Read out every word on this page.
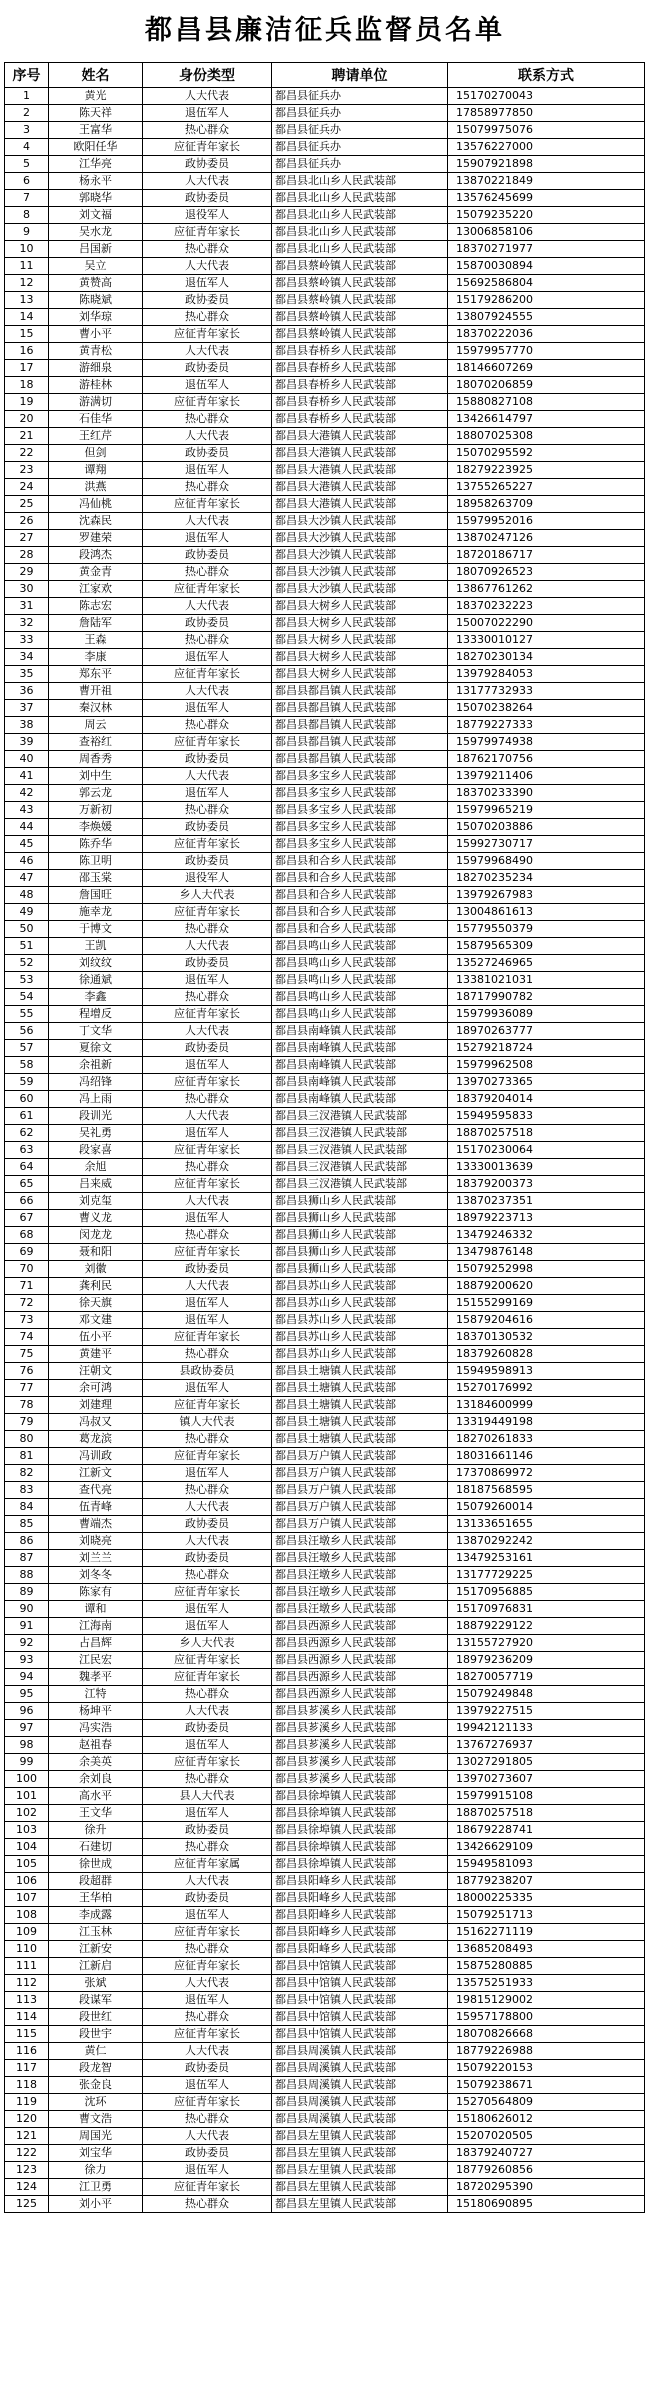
都昌县廉洁征兵监督员名单
序号	姓名	身份类型	聘请单位	联系方式
1	黄光	人大代表	都昌县征兵办	15170270043
2	陈天祥	退伍军人	都昌县征兵办	17858977850
3	王富华	热心群众	都昌县征兵办	15079975076
4	欧阳任华	应征青年家长	都昌县征兵办	13576227000
5	江华亮	政协委员	都昌县征兵办	15907921898
6	杨永平	人大代表	都昌县北山乡人民武装部	13870221849
7	郭晓华	政协委员	都昌县北山乡人民武装部	13576245699
8	刘文福	退役军人	都昌县北山乡人民武装部	15079235220
9	吴水龙	应征青年家长	都昌县北山乡人民武装部	13006858106
10	吕国新	热心群众	都昌县北山乡人民武装部	18370271977
11	吴立	人大代表	都昌县蔡岭镇人民武装部	15870030894
12	黄赞高	退伍军人	都昌县蔡岭镇人民武装部	15692586804
13	陈晓斌	政协委员	都昌县蔡岭镇人民武装部	15179286200
14	刘华琼	热心群众	都昌县蔡岭镇人民武装部	13807924555
15	曹小平	应征青年家长	都昌县蔡岭镇人民武装部	18370222036
16	黄青松	人大代表	都昌县春桥乡人民武装部	15979957770
17	游细泉	政协委员	都昌县春桥乡人民武装部	18146607269
18	游桂林	退伍军人	都昌县春桥乡人民武装部	18070206859
19	游满切	应征青年家长	都昌县春桥乡人民武装部	15880827108
20	石佳华	热心群众	都昌县春桥乡人民武装部	13426614797
21	王红芹	人大代表	都昌县大港镇人民武装部	18807025308
22	但剑	政协委员	都昌县大港镇人民武装部	15070295592
23	谭翔	退伍军人	都昌县大港镇人民武装部	18279223925
24	洪燕	热心群众	都昌县大港镇人民武装部	13755265227
25	冯仙桃	应征青年家长	都昌县大港镇人民武装部	18958263709
26	沈森民	人大代表	都昌县大沙镇人民武装部	15979952016
27	罗建荣	退伍军人	都昌县大沙镇人民武装部	13870247126
28	段鸿杰	政协委员	都昌县大沙镇人民武装部	18720186717
29	黄金青	热心群众	都昌县大沙镇人民武装部	18070926523
30	江家欢	应征青年家长	都昌县大沙镇人民武装部	13867761262
31	陈志宏	人大代表	都昌县大树乡人民武装部	18370232223
32	詹陆军	政协委员	都昌县大树乡人民武装部	15007022290
33	王森	热心群众	都昌县大树乡人民武装部	13330010127
34	李康	退伍军人	都昌县大树乡人民武装部	18270230134
35	郑东平	应征青年家长	都昌县大树乡人民武装部	13979284053
36	曹开祖	人大代表	都昌县都昌镇人民武装部	13177732933
37	秦汉林	退伍军人	都昌县都昌镇人民武装部	15070238264
38	周云	热心群众	都昌县都昌镇人民武装部	18779227333
39	查裕红	应征青年家长	都昌县都昌镇人民武装部	15979974938
40	周香秀	政协委员	都昌县都昌镇人民武装部	18762170756
41	刘中生	人大代表	都昌县多宝乡人民武装部	13979211406
42	郭云龙	退伍军人	都昌县多宝乡人民武装部	18370233390
43	万新初	热心群众	都昌县多宝乡人民武装部	15979965219
44	李焕媛	政协委员	都昌县多宝乡人民武装部	15070203886
45	陈乔华	应征青年家长	都昌县多宝乡人民武装部	15992730717
46	陈卫明	政协委员	都昌县和合乡人民武装部	15979968490
47	邵玉棠	退役军人	都昌县和合乡人民武装部	18270235234
48	詹国旺	乡人大代表	都昌县和合乡人民武装部	13979267983
49	施幸龙	应征青年家长	都昌县和合乡人民武装部	13004861613
50	于博文	热心群众	都昌县和合乡人民武装部	15779550379
51	王凯	人大代表	都昌县鸣山乡人民武装部	15879565309
52	刘纹纹	政协委员	都昌县鸣山乡人民武装部	13527246965
53	徐通斌	退伍军人	都昌县鸣山乡人民武装部	13381021031
54	李鑫	热心群众	都昌县鸣山乡人民武装部	18717990782
55	程增反	应征青年家长	都昌县鸣山乡人民武装部	15979936089
56	丁文华	人大代表	都昌县南峰镇人民武装部	18970263777
57	夏徐文	政协委员	都昌县南峰镇人民武装部	15279218724
58	余祖新	退伍军人	都昌县南峰镇人民武装部	15979962508
59	冯绍锋	应征青年家长	都昌县南峰镇人民武装部	13970273365
60	冯上雨	热心群众	都昌县南峰镇人民武装部	18379204014
61	段训光	人大代表	都昌县三汊港镇人民武装部	15949595833
62	吴礼勇	退伍军人	都昌县三汊港镇人民武装部	18870257518
63	段家喜	应征青年家长	都昌县三汊港镇人民武装部	15170230064
64	余旭	热心群众	都昌县三汊港镇人民武装部	13330013639
65	吕来威	应征青年家长	都昌县三汊港镇人民武装部	18379200373
66	刘克玺	人大代表	都昌县狮山乡人民武装部	13870237351
67	曹义龙	退伍军人	都昌县狮山乡人民武装部	18979223713
68	闵龙龙	热心群众	都昌县狮山乡人民武装部	13479246332
69	聂和阳	应征青年家长	都昌县狮山乡人民武装部	13479876148
70	刘徽	政协委员	都昌县狮山乡人民武装部	15079252998
71	龚利民	人大代表	都昌县苏山乡人民武装部	18879200620
72	徐天旗	退伍军人	都昌县苏山乡人民武装部	15155299169
73	邓文建	退伍军人	都昌县苏山乡人民武装部	15879204616
74	伍小平	应征青年家长	都昌县苏山乡人民武装部	18370130532
75	黄建平	热心群众	都昌县苏山乡人民武装部	18379260828
76	汪朝文	县政协委员	都昌县土塘镇人民武装部	15949598913
77	余可鸿	退伍军人	都昌县土塘镇人民武装部	15270176992
78	刘建理	应征青年家长	都昌县土塘镇人民武装部	13184600999
79	冯叔又	镇人大代表	都昌县土塘镇人民武装部	13319449198
80	葛龙滨	热心群众	都昌县土塘镇人民武装部	18270261833
81	冯训政	应征青年家长	都昌县万户镇人民武装部	18031661146
82	江新文	退伍军人	都昌县万户镇人民武装部	17370869972
83	查代亮	热心群众	都昌县万户镇人民武装部	18187568595
84	伍青峰	人大代表	都昌县万户镇人民武装部	15079260014
85	曹端杰	政协委员	都昌县万户镇人民武装部	13133651655
86	刘晓亮	人大代表	都昌县汪墩乡人民武装部	13870292242
87	刘兰兰	政协委员	都昌县汪墩乡人民武装部	13479253161
88	刘冬冬	热心群众	都昌县汪墩乡人民武装部	13177729225
89	陈家有	应征青年家长	都昌县汪墩乡人民武装部	15170956885
90	谭和	退伍军人	都昌县汪墩乡人民武装部	15170976831
91	江海南	退伍军人	都昌县西源乡人民武装部	18879229122
92	占昌辉	乡人大代表	都昌县西源乡人民武装部	13155727920
93	江民宏	应征青年家长	都昌县西源乡人民武装部	18979236209
94	魏孝平	应征青年家长	都昌县西源乡人民武装部	18270057719
95	江特	热心群众	都昌县西源乡人民武装部	15079249848
96	杨坤平	人大代表	都昌县芗溪乡人民武装部	13979227515
97	冯实浩	政协委员	都昌县芗溪乡人民武装部	19942121133
98	赵祖春	退伍军人	都昌县芗溪乡人民武装部	13767276937
99	余美英	应征青年家长	都昌县芗溪乡人民武装部	13027291805
100	余刘良	热心群众	都昌县芗溪乡人民武装部	13970273607
101	高水平	县人大代表	都昌县徐埠镇人民武装部	15979915108
102	王文华	退伍军人	都昌县徐埠镇人民武装部	18870257518
103	徐升	政协委员	都昌县徐埠镇人民武装部	18679228741
104	石建切	热心群众	都昌县徐埠镇人民武装部	13426629109
105	徐世成	应征青年家属	都昌县徐埠镇人民武装部	15949581093
106	段超群	人大代表	都昌县阳峰乡人民武装部	18779238207
107	王华柏	政协委员	都昌县阳峰乡人民武装部	18000225335
108	李成露	退伍军人	都昌县阳峰乡人民武装部	15079251713
109	江玉林	应征青年家长	都昌县阳峰乡人民武装部	15162271119
110	江新安	热心群众	都昌县阳峰乡人民武装部	13685208493
111	江新启	应征青年家长	都昌县中馆镇人民武装部	15875280885
112	张斌	人大代表	都昌县中馆镇人民武装部	13575251933
113	段谋军	退伍军人	都昌县中馆镇人民武装部	19815129002
114	段世红	热心群众	都昌县中馆镇人民武装部	15957178800
115	段世宇	应征青年家长	都昌县中馆镇人民武装部	18070826668
116	黄仁	人大代表	都昌县周溪镇人民武装部	18779226988
117	段龙智	政协委员	都昌县周溪镇人民武装部	15079220153
118	张金良	退伍军人	都昌县周溪镇人民武装部	15079238671
119	沈环	应征青年家长	都昌县周溪镇人民武装部	15270564809
120	曹文浩	热心群众	都昌县周溪镇人民武装部	15180626012
121	周国光	人大代表	都昌县左里镇人民武装部	15207020505
122	刘宝华	政协委员	都昌县左里镇人民武装部	18379240727
123	徐力	退伍军人	都昌县左里镇人民武装部	18779260856
124	江卫勇	应征青年家长	都昌县左里镇人民武装部	18720295390
125	刘小平	热心群众	都昌县左里镇人民武装部	15180690895
